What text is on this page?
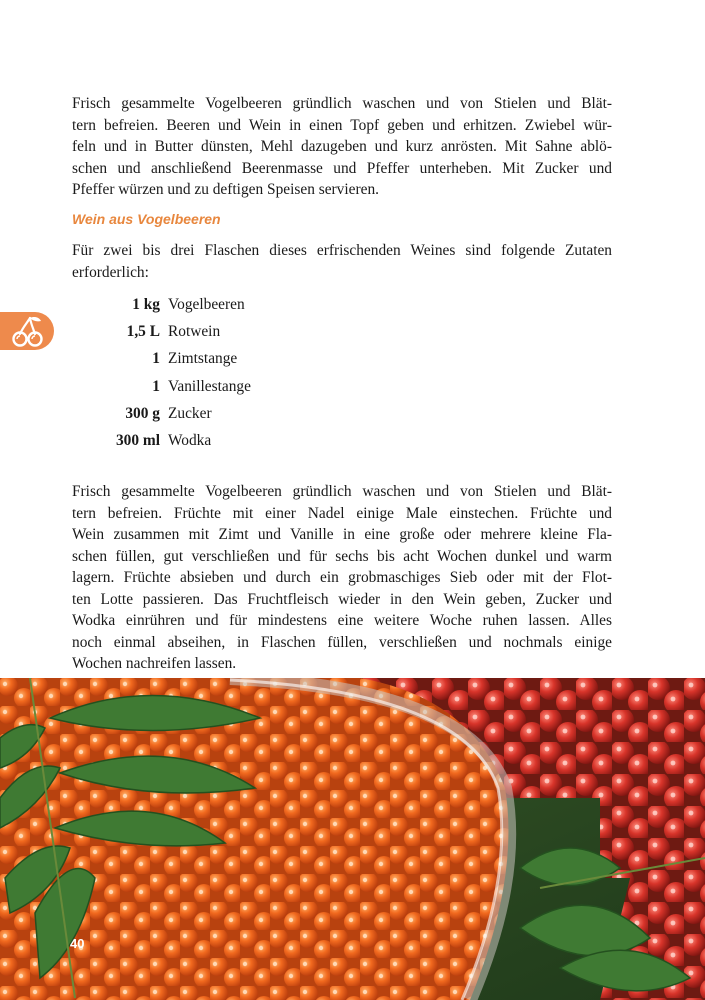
Frisch gesammelte Vogelbeeren gründlich waschen und von Stielen und Blät-
tern befreien. Beeren und Wein in einen Topf geben und erhitzen. Zwiebel wür-
feln und in Butter dünsten, Mehl dazugeben und kurz anrösten. Mit Sahne ablö-
schen und anschließend Beerenmasse und Pfeffer unterheben. Mit Zucker und
Pfeffer würzen und zu deftigen Speisen servieren.

Wein aus Vogelbeeren

Für zwei bis drei Flaschen dieses erfrischenden Weines sind folgende Zutaten
erforderlich:

1 kg Vogelbeeren
1,5 L Rotwein
1 Zimtstange
1 Vanillestange
300 g Zucker
300 ml Wodka

Frisch gesammelte Vogelbeeren gründlich waschen und von Stielen und Blät-
tern befreien. Früchte mit einer Nadel einige Male einstechen. Früchte und
Wein zusammen mit Zimt und Vanille in eine große oder mehrere kleine Fla-
schen füllen, gut verschließen und für sechs bis acht Wochen dunkel und warm
lagern. Früchte absieben und durch ein grobmaschiges Sieb oder mit der Flot-
ten Lotte passieren. Das Fruchtfleisch wieder in den Wein geben, Zucker und
Wodka einrühren und für mindestens eine weitere Woche ruhen lassen. Alles
noch einmal abseihen, in Flaschen füllen, verschließen und nochmals einige
Wochen nachreifen lassen.

40
